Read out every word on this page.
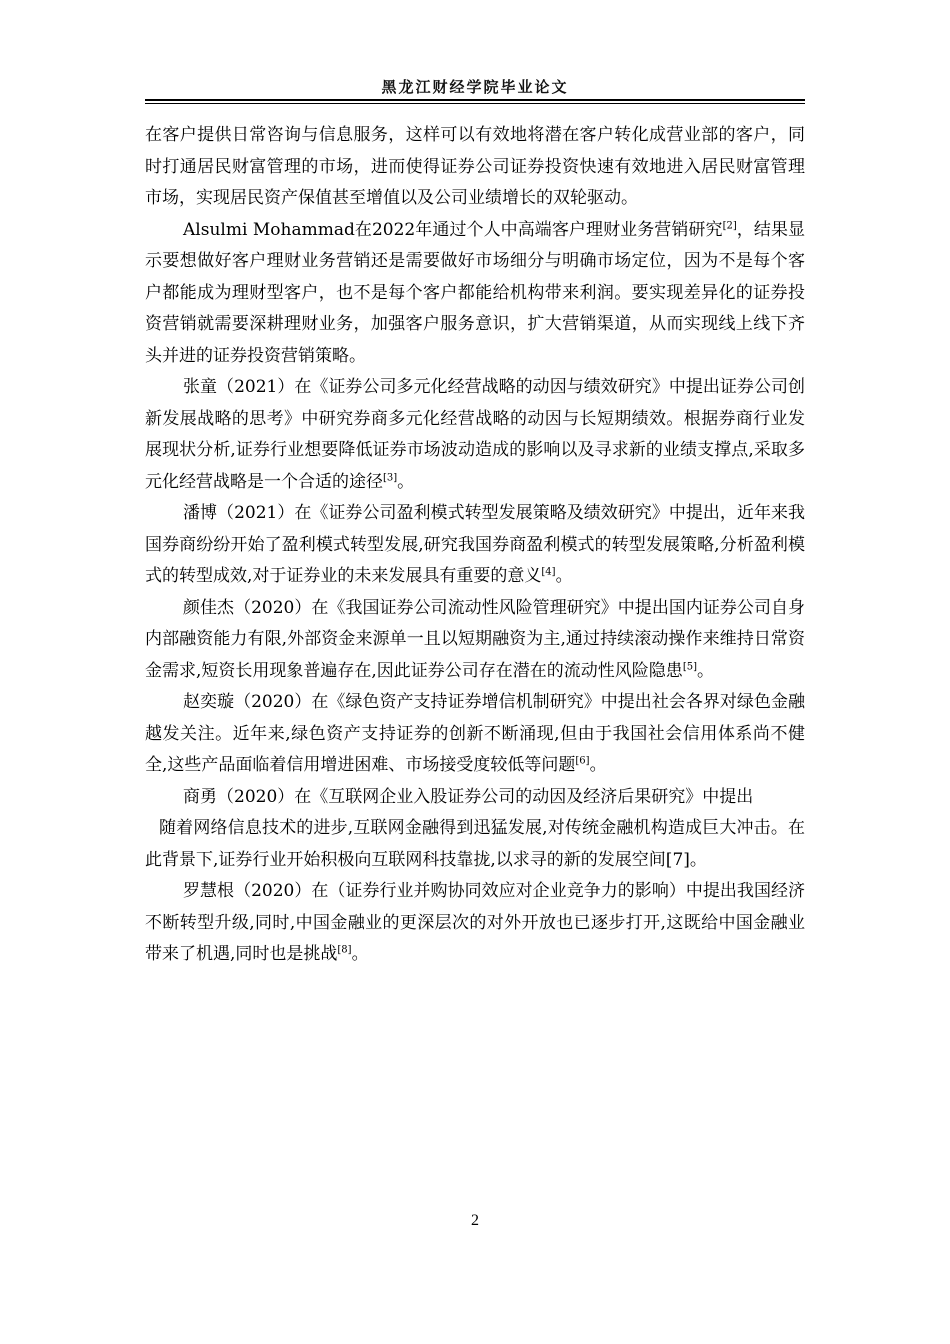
黑龙江财经学院毕业论文

在客户提供日常咨询与信息服务，这样可以有效地将潜在客户转化成营业部的客户，同时打通居民财富管理的市场，进而使得证券公司证券投资快速有效地进入居民财富管理市场，实现居民资产保值甚至增值以及公司业绩增长的双轮驱动。

Alsulmi Mohammad在2022年通过个人中高端客户理财业务营销研究[2]，结果显示要想做好客户理财业务营销还是需要做好市场细分与明确市场定位，因为不是每个客户都能成为理财型客户，也不是每个客户都能给机构带来利润。要实现差异化的证券投资营销就需要深耕理财业务，加强客户服务意识，扩大营销渠道，从而实现线上线下齐头并进的证券投资营销策略。

张童（2021）在《证券公司多元化经营战略的动因与绩效研究》中提出证券公司创新发展战略的思考》中研究券商多元化经营战略的动因与长短期绩效。根据券商行业发展现状分析,证券行业想要降低证券市场波动造成的影响以及寻求新的业绩支撑点,采取多元化经营战略是一个合适的途径[3]。

潘博（2021）在《证券公司盈利模式转型发展策略及绩效研究》中提出，近年来我国券商纷纷开始了盈利模式转型发展,研究我国券商盈利模式的转型发展策略,分析盈利模式的转型成效,对于证券业的未来发展具有重要的意义[4]。

颜佳杰（2020）在《我国证券公司流动性风险管理研究》中提出国内证券公司自身内部融资能力有限,外部资金来源单一且以短期融资为主,通过持续滚动操作来维持日常资金需求,短资长用现象普遍存在,因此证券公司存在潜在的流动性风险隐患[5]。

赵奕璇（2020）在《绿色资产支持证券增信机制研究》中提出社会各界对绿色金融越发关注。近年来,绿色资产支持证券的创新不断涌现,但由于我国社会信用体系尚不健全,这些产品面临着信用增进困难、市场接受度较低等问题[6]。

商勇（2020）在《互联网企业入股证券公司的动因及经济后果研究》中提出

随着网络信息技术的进步,互联网金融得到迅猛发展,对传统金融机构造成巨大冲击。在此背景下,证券行业开始积极向互联网科技靠拢,以求寻的新的发展空间[7]。

罗慧根（2020）在（证券行业并购协同效应对企业竞争力的影响）中提出我国经济不断转型升级,同时,中国金融业的更深层次的对外开放也已逐步打开,这既给中国金融业带来了机遇,同时也是挑战[8]。

2
